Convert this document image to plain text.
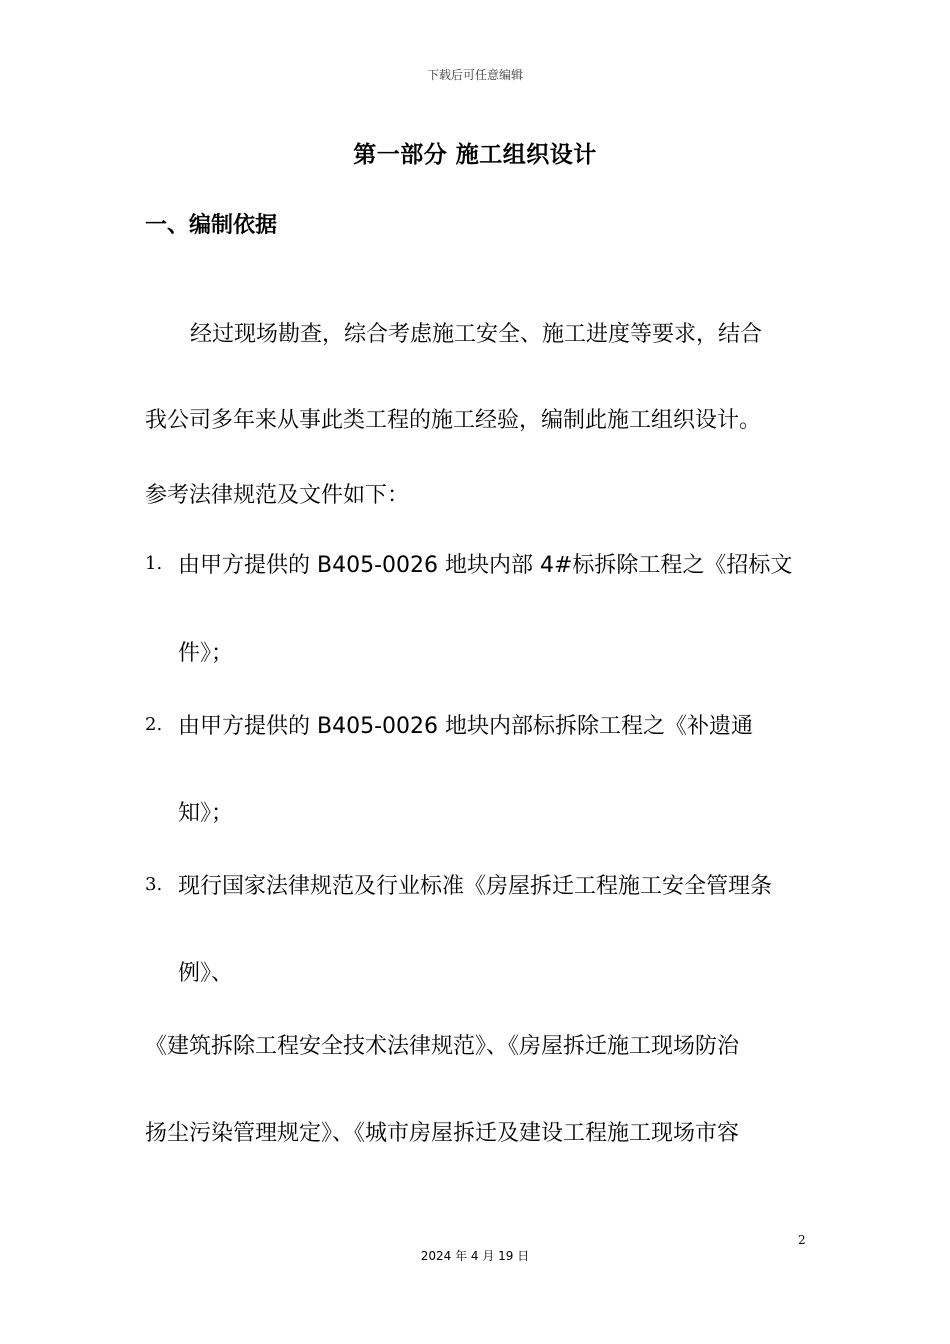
下载后可任意编辑
第一部分 施工组织设计
一、编制依据
经过现场勘查，综合考虑施工安全、施工进度等要求，结合
我公司多年来从事此类工程的施工经验，编制此施工组织设计。
参考法律规范及文件如下：
1. 由甲方提供的 B405-0026 地块内部 4#标拆除工程之《招标文
件》；
2. 由甲方提供的 B405-0026 地块内部标拆除工程之《补遗通
知》；
3. 现行国家法律规范及行业标准《房屋拆迁工程施工安全管理条
例》、
《建筑拆除工程安全技术法律规范》、《房屋拆迁施工现场防治
扬尘污染管理规定》、《城市房屋拆迁及建设工程施工现场市容
2
2024 年 4 月 19 日
